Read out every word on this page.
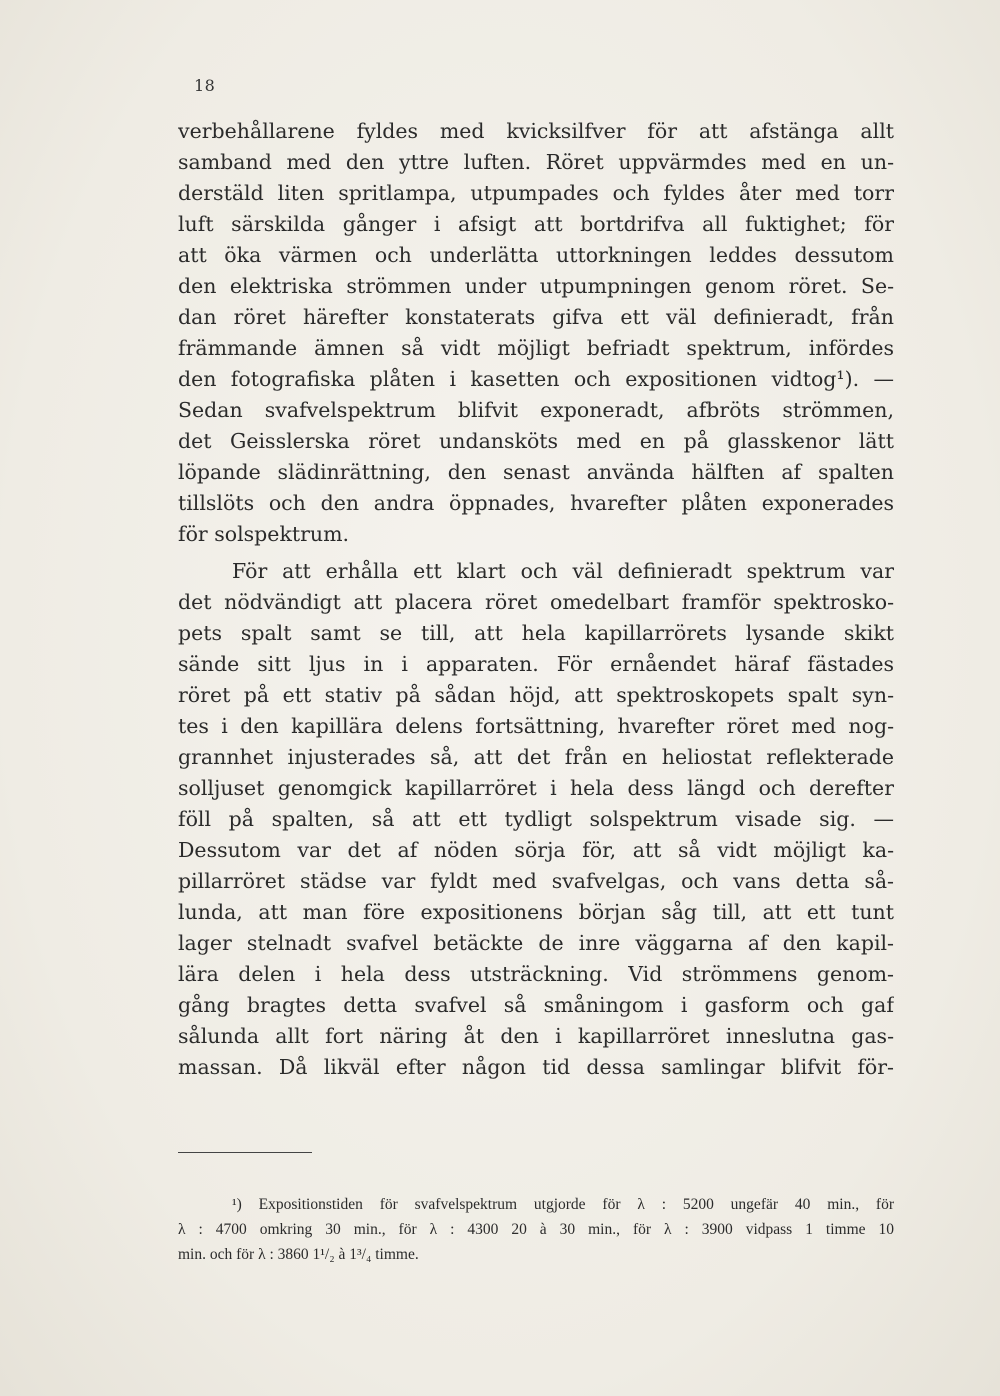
18
verbehållarene fyldes med kvicksilfver för att afstänga allt
samband med den yttre luften. Röret uppvärmdes med en un-
derstäld liten spritlampa, utpumpades och fyldes åter med torr
luft särskilda gånger i afsigt att bortdrifva all fuktighet; för
att öka värmen och underlätta uttorkningen leddes dessutom
den elektriska strömmen under utpumpningen genom röret. Se-
dan röret härefter konstaterats gifva ett väl definieradt, från
främmande ämnen så vidt möjligt befriadt spektrum, infördes
den fotografiska plåten i kasetten och expositionen vidtog¹). —
Sedan svafvelspektrum blifvit exponeradt, afbröts strömmen,
det Geisslerska röret undansköts med en på glasskenor lätt
löpande slädinrättning, den senast använda hälften af spalten
tillslöts och den andra öppnades, hvarefter plåten exponerades
för solspektrum.
För att erhålla ett klart och väl definieradt spektrum var
det nödvändigt att placera röret omedelbart framför spektrosko-
pets spalt samt se till, att hela kapillarrörets lysande skikt
sände sitt ljus in i apparaten. För ernåendet häraf fästades
röret på ett stativ på sådan höjd, att spektroskopets spalt syn-
tes i den kapillära delens fortsättning, hvarefter röret med nog-
grannhet injusterades så, att det från en heliostat reflekterade
solljuset genomgick kapillarröret i hela dess längd och derefter
föll på spalten, så att ett tydligt solspektrum visade sig. —
Dessutom var det af nöden sörja för, att så vidt möjligt ka-
pillarröret städse var fyldt med svafvelgas, och vans detta så-
lunda, att man före expositionens början såg till, att ett tunt
lager stelnadt svafvel betäckte de inre väggarna af den kapil-
lära delen i hela dess utsträckning. Vid strömmens genom-
gång bragtes detta svafvel så småningom i gasform och gaf
sålunda allt fort näring åt den i kapillarröret inneslutna gas-
massan. Då likväl efter någon tid dessa samlingar blifvit för-
¹) Expositionstiden för svafvelspektrum utgjorde för λ : 5200 ungefär 40 min., för
λ : 4700 omkring 30 min., för λ : 4300 20 à 30 min., för λ : 3900 vidpass 1 timme 10
min. och för λ : 3860 1¹/₂ à 1³/₄ timme.
